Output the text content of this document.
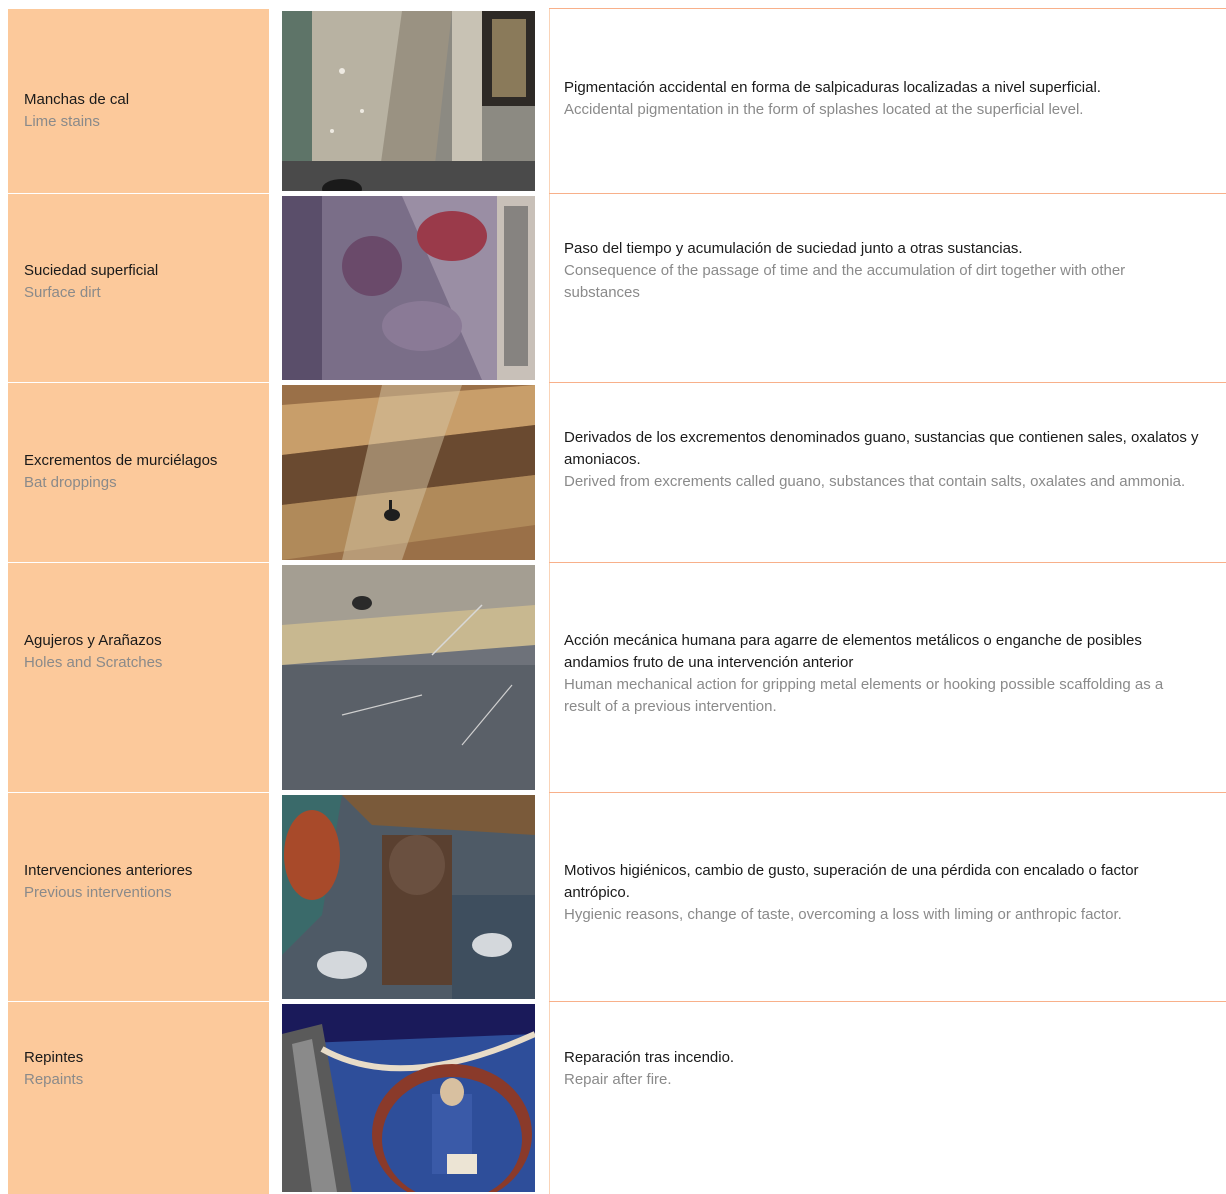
Manchas de cal
Lime stains
Pigmentación accidental en forma de salpicaduras localizadas a nivel superficial.
Accidental pigmentation in the form of splashes located at the superficial level.
Suciedad superficial
Surface dirt
Paso del tiempo y acumulación de suciedad junto a otras sustancias.
Consequence of the passage of time and the accumulation of dirt together with other substances
Excrementos de murciélagos
Bat droppings
Derivados de los excrementos denominados guano, sustancias que contienen sales, oxalatos y amoniacos.
Derived from excrements called guano, substances that contain salts, oxalates and ammonia.
Agujeros y Arañazos
Holes and Scratches
Acción mecánica humana para agarre de elementos metálicos o enganche de posibles andamios fruto de una intervención anterior
Human mechanical action for gripping metal elements or hooking possible scaffolding as a result of a previous intervention.
Intervenciones anteriores
Previous interventions
Motivos higiénicos, cambio de gusto, superación de una pérdida con encalado o factor antrópico.
Hygienic reasons, change of taste, overcoming a loss with liming or anthropic factor.
Repintes
Repaints
Reparación tras incendio.
Repair after fire.
